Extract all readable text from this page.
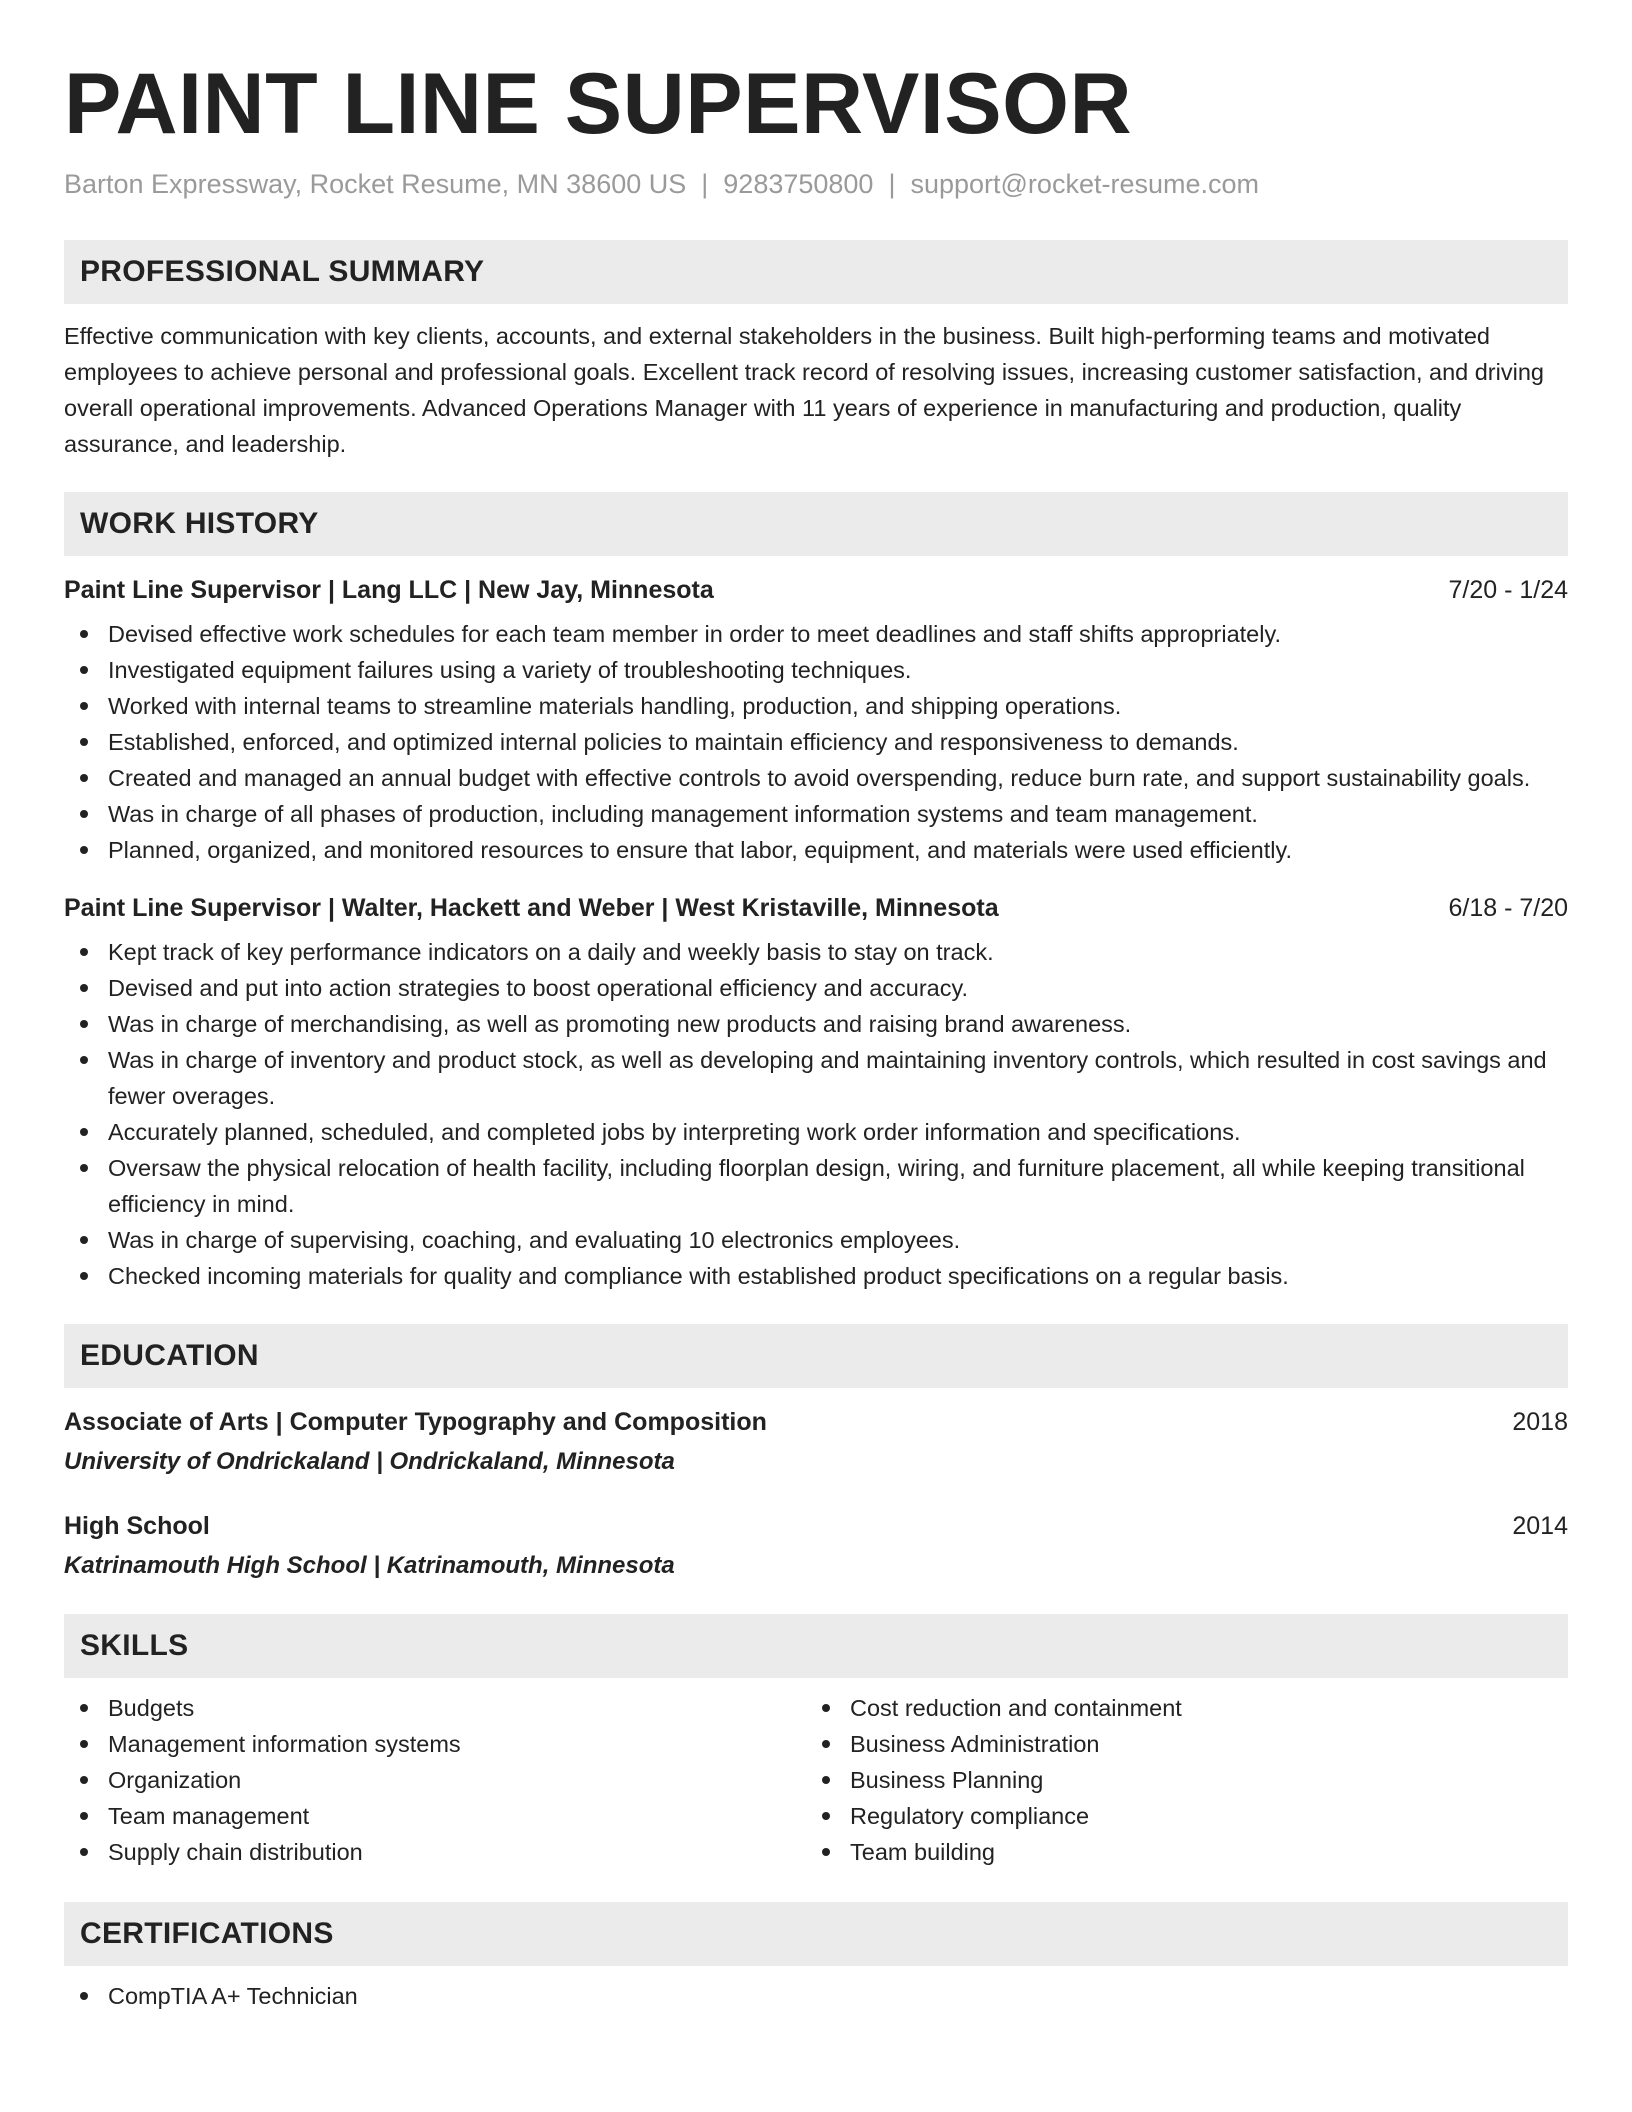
PAINT LINE SUPERVISOR
Barton Expressway, Rocket Resume, MN 38600 US | 9283750800 | support@rocket-resume.com
PROFESSIONAL SUMMARY

Effective communication with key clients, accounts, and external stakeholders in the business. Built high-performing teams and motivated employees to achieve personal and professional goals. Excellent track record of resolving issues, increasing customer satisfaction, and driving overall operational improvements. Advanced Operations Manager with 11 years of experience in manufacturing and production, quality assurance, and leadership.

WORK HISTORY
Paint Line Supervisor | Lang LLC | New Jay, Minnesota	7/20 - 1/24
Devised effective work schedules for each team member in order to meet deadlines and staff shifts appropriately.
Investigated equipment failures using a variety of troubleshooting techniques.
Worked with internal teams to streamline materials handling, production, and shipping operations.
Established, enforced, and optimized internal policies to maintain efficiency and responsiveness to demands.
Created and managed an annual budget with effective controls to avoid overspending, reduce burn rate, and support sustainability goals.
Was in charge of all phases of production, including management information systems and team management.
Planned, organized, and monitored resources to ensure that labor, equipment, and materials were used efficiently.
Paint Line Supervisor | Walter, Hackett and Weber | West Kristaville, Minnesota	6/18 - 7/20
Kept track of key performance indicators on a daily and weekly basis to stay on track.
Devised and put into action strategies to boost operational efficiency and accuracy.
Was in charge of merchandising, as well as promoting new products and raising brand awareness.
Was in charge of inventory and product stock, as well as developing and maintaining inventory controls, which resulted in cost savings and fewer overages.
Accurately planned, scheduled, and completed jobs by interpreting work order information and specifications.
Oversaw the physical relocation of health facility, including floorplan design, wiring, and furniture placement, all while keeping transitional efficiency in mind.
Was in charge of supervising, coaching, and evaluating 10 electronics employees.
Checked incoming materials for quality and compliance with established product specifications on a regular basis.
EDUCATION
Associate of Arts | Computer Typography and Composition	2018
University of Ondrickaland | Ondrickaland, Minnesota
High School	2014
Katrinamouth High School | Katrinamouth, Minnesota
SKILLS
Budgets
Management information systems
Organization
Team management
Supply chain distribution
Cost reduction and containment
Business Administration
Business Planning
Regulatory compliance
Team building
CERTIFICATIONS
CompTIA A+ Technician
